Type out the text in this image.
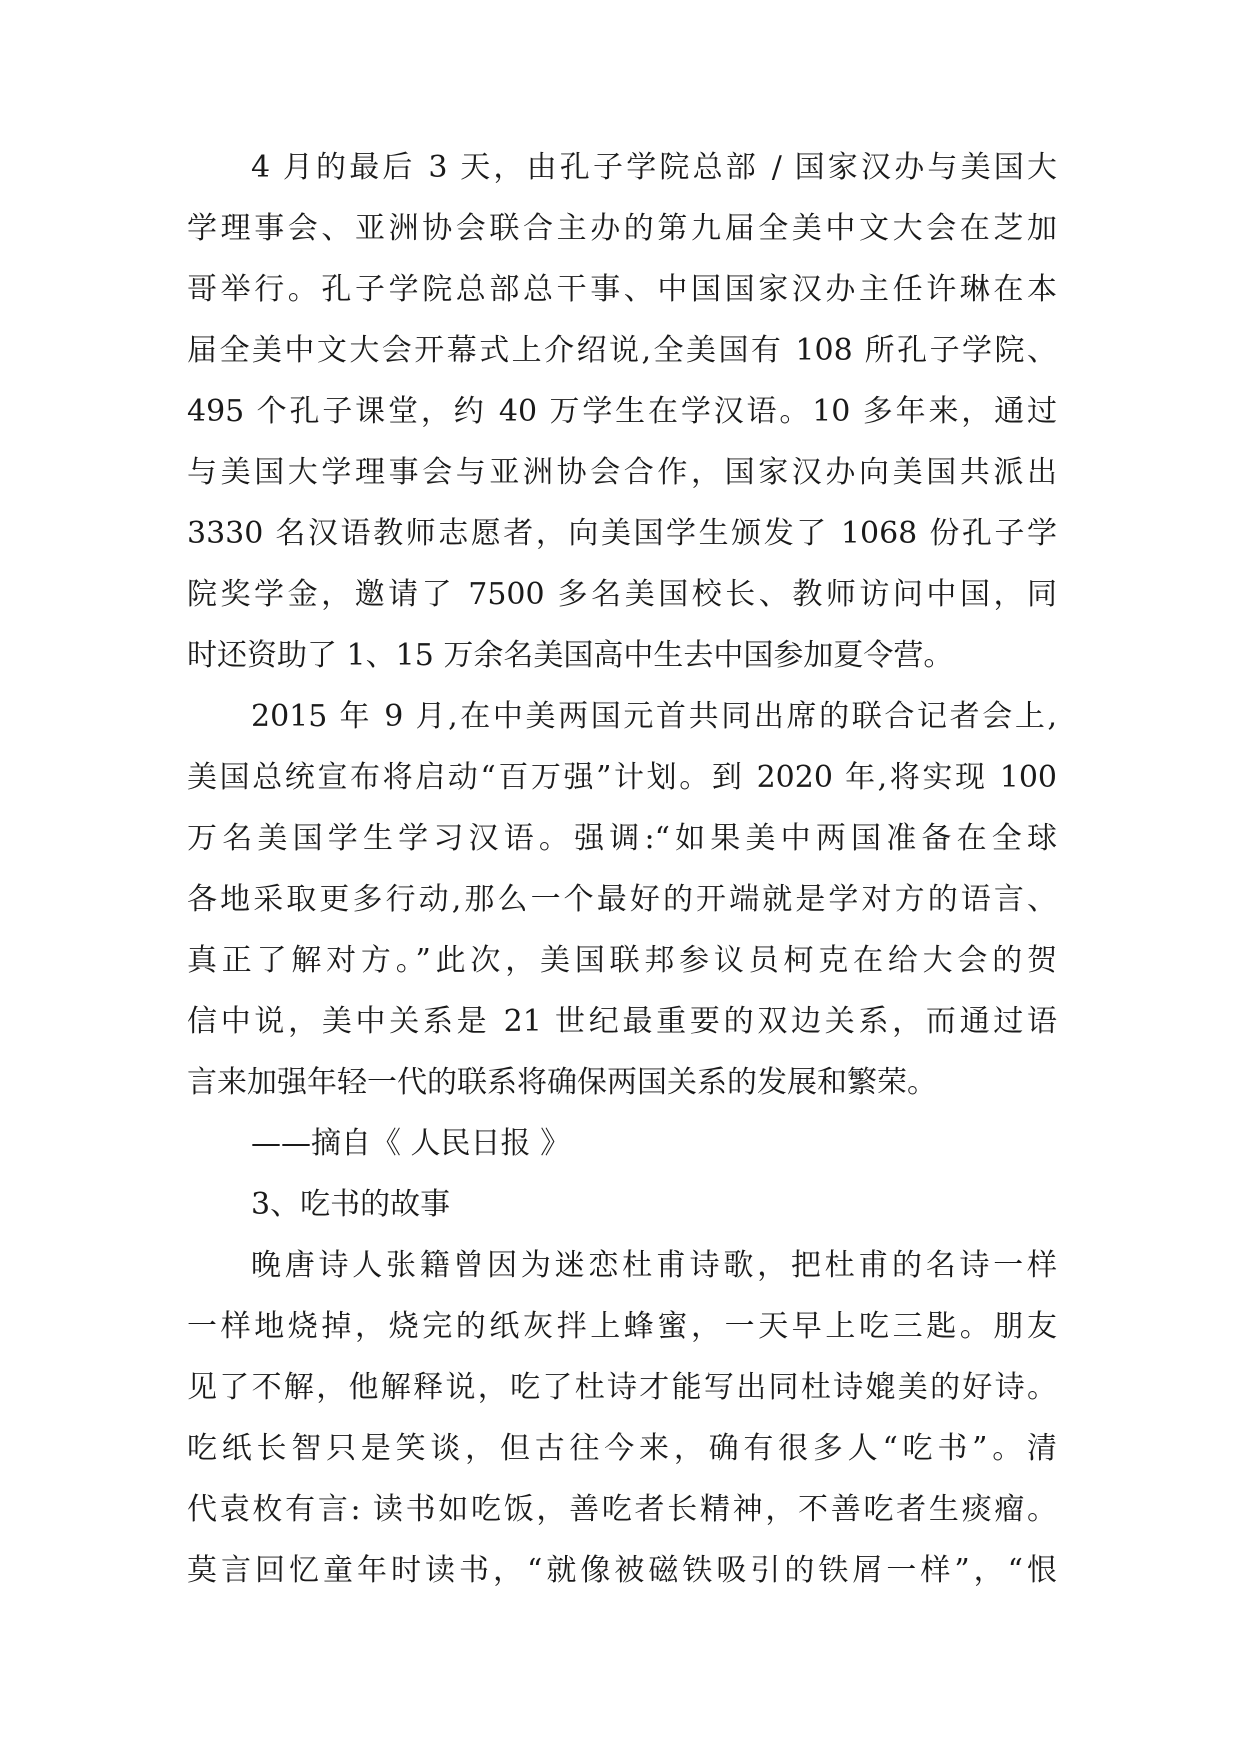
4 月的最后 3 天，由孔子学院总部 / 国家汉办与美国大
学理事会、亚洲协会联合主办的第九届全美中文大会在芝加
哥举行。孔子学院总部总干事、中国国家汉办主任许琳在本
届全美中文大会开幕式上介绍说,全美国有 108 所孔子学院、
495 个孔子课堂，约 40 万学生在学汉语。10 多年来，通过
与美国大学理事会与亚洲协会合作，国家汉办向美国共派出
3330 名汉语教师志愿者，向美国学生颁发了 1068 份孔子学
院奖学金，邀请了 7500 多名美国校长、教师访问中国，同
时还资助了 1、15 万余名美国高中生去中国参加夏令营。
2015 年 9 月,在中美两国元首共同出席的联合记者会上,
美国总统宣布将启动“百万强”计划。到 2020 年,将实现 100
万名美国学生学习汉语。强调:“如果美中两国准备在全球
各地采取更多行动,那么一个最好的开端就是学对方的语言、
真正了解对方。”此次，美国联邦参议员柯克在给大会的贺
信中说，美中关系是 21 世纪最重要的双边关系，而通过语
言来加强年轻一代的联系将确保两国关系的发展和繁荣。
——摘自《 人民日报 》
3、吃书的故事
晚唐诗人张籍曾因为迷恋杜甫诗歌，把杜甫的名诗一样
一样地烧掉，烧完的纸灰拌上蜂蜜，一天早上吃三匙。朋友
见了不解，他解释说，吃了杜诗才能写出同杜诗媲美的好诗。
吃纸长智只是笑谈，但古往今来，确有很多人“吃书”。清
代袁枚有言: 读书如吃饭，善吃者长精神，不善吃者生痰瘤。
莫言回忆童年时读书，“就像被磁铁吸引的铁屑一样”，“恨
